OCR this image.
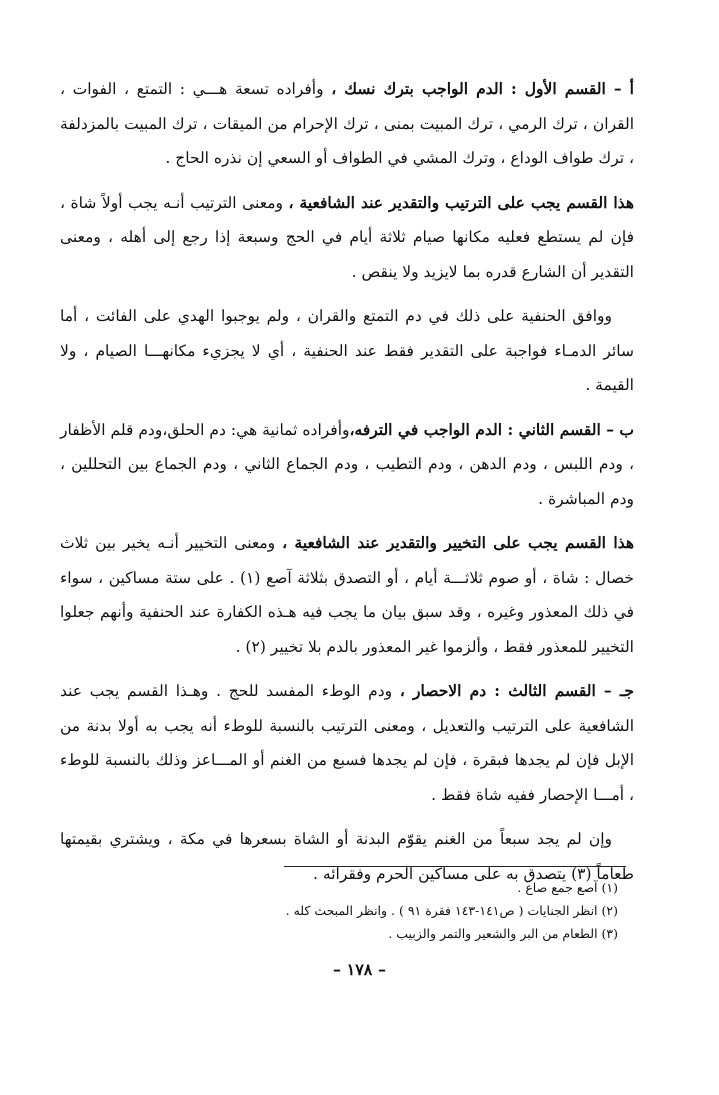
أ – القسم الأول : الدم الواجب بترك نسك ، وأفراده تسعة هـــي : التمتع ، الفوات ، القران ، ترك الرمي ، ترك المبيت بمنى ، ترك الإحرام من الميقات ، ترك المبيت بالمزدلفة ، ترك طواف الوداع ، وترك المشي في الطواف أو السعي إن نذره الحاج .

هذا القسم يجب على الترتيب والتقدير عند الشافعية ، ومعنى الترتيب أنـه يجب أولاً شاة ، فإن لم يستطع فعليه مكانها صيام ثلاثة أيام في الحج وسبعة إذا رجع إلى أهله ، ومعنى التقدير أن الشارع قدره بما لايزيد ولا ينقص .

ووافق الحنفية على ذلك في دم التمتع والقران ، ولم يوجبوا الهدي على الفائت ، أما سائر الدمـاء فواجبة على التقدير فقط عند الحنفية ، أي لا يجزيء مكانهـــا الصيام ، ولا القيمة .

ب – القسم الثاني : الدم الواجب في الترفه،وأفراده ثمانية هي: دم الحلق،ودم قلم الأظفار ، ودم اللبس ، ودم الدهن ، ودم التطيب ، ودم الجماع الثاني ، ودم الجماع بين التحللين ، ودم المباشرة .

هذا القسم يجب على التخيير والتقدير عند الشافعية ، ومعنى التخيير أنـه يخير بين ثلاث خصال : شاة ، أو صوم ثلاثـــة أيام ، أو التصدق بثلاثة آصع (١) . على ستة مساكين ، سواء في ذلك المعذور وغيره ، وقد سبق بيان ما يجب فيه هـذه الكفارة عند الحنفية وأنهم جعلوا التخيير للمعذور فقط ، وألزموا غير المعذور بالدم بلا تخيير (٢) .

جـ – القسم الثالث : دم الاحصار ، ودم الوطء المفسد للحج . وهـذا القسم يجب عند الشافعية على الترتيب والتعديل ، ومعنى الترتيب بالنسبة للوطء أنه يجب به أولا بدنة من الإبل فإن لم يجدها فبقرة ، فإن لم يجدها فسبع من الغنم أو المـــاعز وذلك بالنسبة للوطء ، أمـــا الإحصار ففيه شاة فقط .

وإن لم يجد سبعاً من الغنم يقوّم البدنة أو الشاة بسعرها في مكة ، ويشتري بقيمتها طعاماً (٣) يتصدق به على مساكين الحرم وفقرائه .

(١) آصع جمع صاع .

(٢) انظر الجنايات ( ص١٤١-١٤٣ فقرة ٩١ ) . وانظر المبحث كله .

(٣) الطعام من البر والشعير والتمر والزبيب .

– ١٧٨ –
